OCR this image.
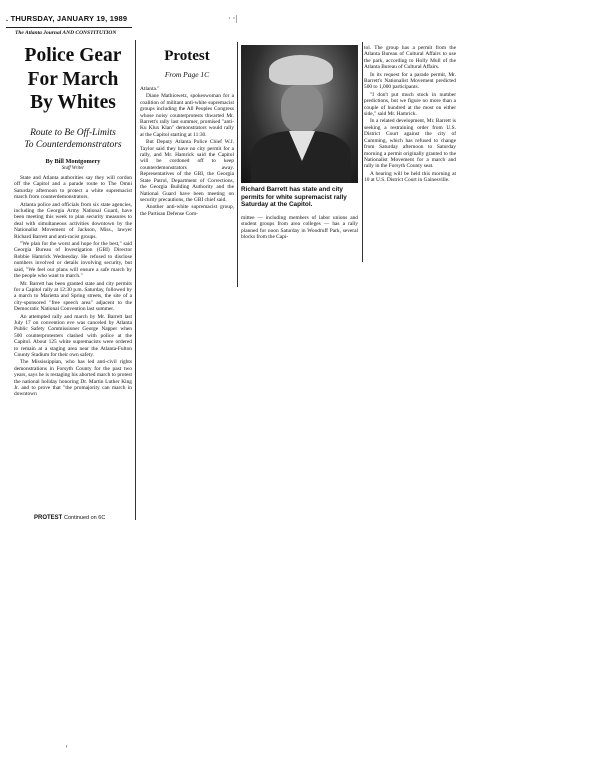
. THURSDAY, JANUARY 19, 1989	· ·|
The Atlanta Journal AND CONSTITUTION
Police Gear
For March
By Whites
Route to Be Off-Limits
To Counterdemonstrators
By Bill Montgomery
Staff Writer

State and Atlanta authorities say they will cordon off the Capitol and a parade route to The Omni Saturday afternoon to protect a white supremacist march from counterdemonstrators.

Atlanta police and officials from six state agencies, including the Georgia Army National Guard, have been meeting this week to plan security measures to deal with simultaneous activities downtown by the Nationalist Movement of Jackson, Miss., lawyer Richard Barrett and anti-racist groups.

"We plan for the worst and hope for the best," said Georgia Bureau of Investigation (GBI) Director Robbie Hamrick Wednesday. He refused to disclose numbers involved or details involving security, but said, "We feel our plans will ensure a safe march by the people who want to march."

Mr. Barrett has been granted state and city permits for a Capitol rally at 12:30 p.m. Saturday, followed by a march to Marietta and Spring streets, the site of a city-sponsored "free speech area" adjacent to the Democratic National Convention last summer.

An attempted rally and march by Mr. Barrett last July 17 on convention eve was canceled by Atlanta Public Safety Commissioner George Napper when 500 counterprotesters clashed with police at the Capitol. About 125 white supremacists were ordered to remain at a staging area near the Atlanta-Fulton County Stadium for their own safety.

The Mississippian, who has led anti-civil rights demonstrations in Forsyth County for the past two years, says he is restaging his aborted march to protest the national holiday honoring Dr. Martin Luther King Jr. and to prove that "the promajority can march in downtown

PROTEST Continued on 6C
Protest
From Page 1C

Atlanta."

Diane Mathiowetz, spokeswoman for a coalition of militant anti-white supremacist groups including the All Peoples Congress whose noisy counterprotests thwarted Mr. Barrett's rally last summer, promised "anti-Ku Klux Klan" demonstrators would rally at the Capitol starting at 11:30.

But Deputy Atlanta Police Chief W.J. Taylor said they have no city permit for a rally, and Mr. Hamrick said the Capitol will be cordoned off to keep counterdemonstrators away. Representatives of the GBI, the Georgia State Patrol, Department of Corrections, the Georgia Building Authority and the National Guard have been meeting on security precautions, the GBI chief said.

Another anti-white supremacist group, the Partisan Defense Com-

Richard Barrett has state and city permits for white supremacist rally Saturday at the Capitol.

mittee — including members of labor unions and student groups from area colleges — has a rally planned for noon Saturday in Woodruff Park, several blocks from the Capi-

tol. The group has a permit from the Atlanta Bureau of Cultural Affairs to use the park, according to Holly Mull of the Atlanta Bureau of Cultural Affairs.

In its request for a parade permit, Mr. Barrett's Nationalist Movement predicted 500 to 1,000 participants.

"I don't put much stock in number predictions, but we figure no more than a couple of hundred at the most on either side," said Mr. Hamrick.

In a related development, Mr. Barrett is seeking a restraining order from U.S. District Court against the city of Cumming, which has refused to change from Saturday afternoon to Saturday morning a permit originally granted to the Nationalist Movement for a march and rally in the Forsyth County seat.

A hearing will be held this morning at 10 at U.S. District Court in Gainesville.

'
